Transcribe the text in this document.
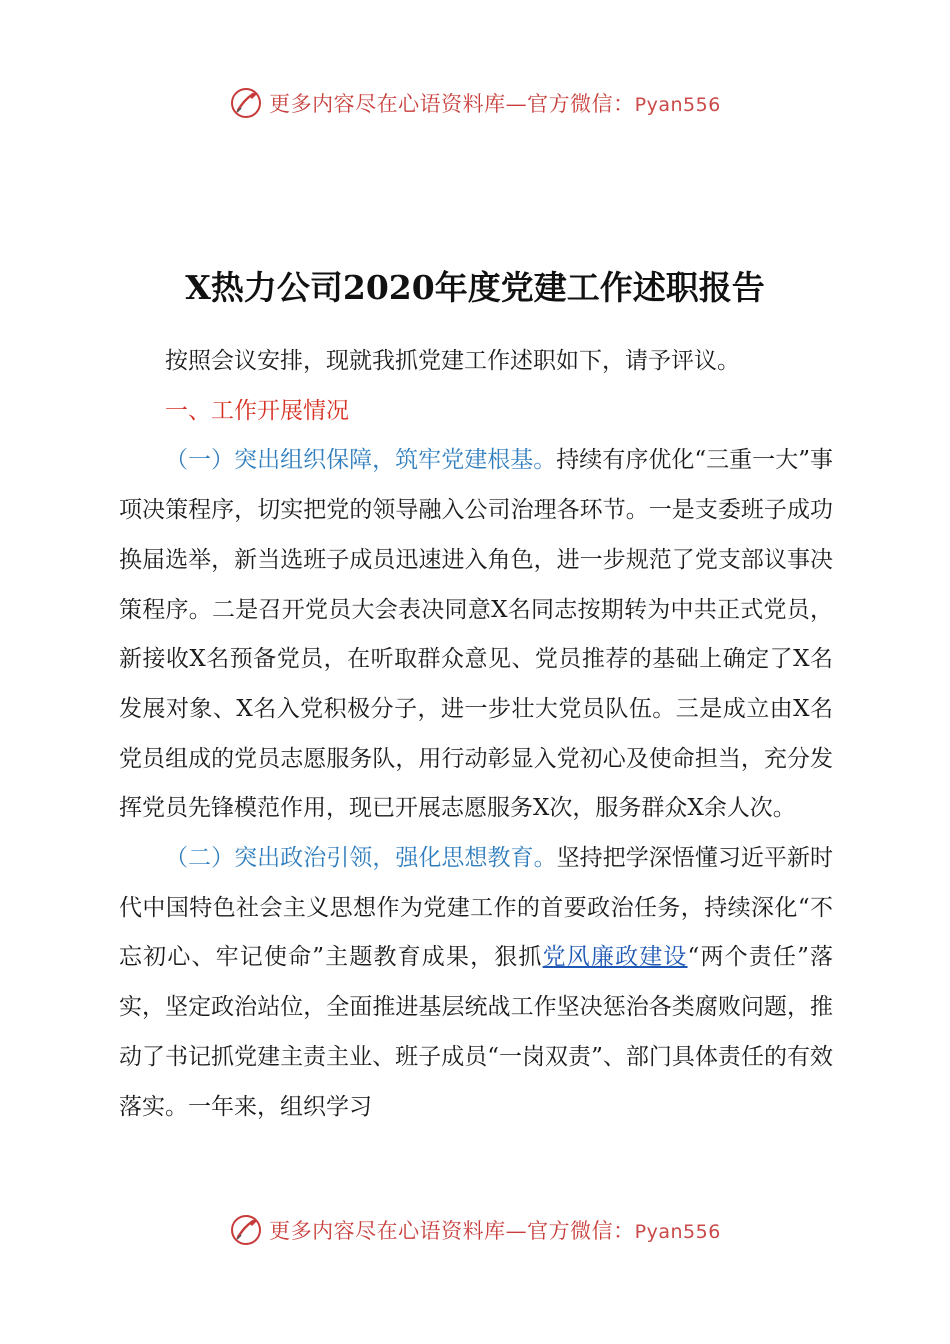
更多内容尽在心语资料库—官方微信：Pyan556
X热力公司2020年度党建工作述职报告

按照会议安排，现就我抓党建工作述职如下，请予评议。

一、工作开展情况

（一）突出组织保障，筑牢党建根基。持续有序优化“三重一大”事项决策程序，切实把党的领导融入公司治理各环节。一是支委班子成功换届选举，新当选班子成员迅速进入角色，进一步规范了党支部议事决策程序。二是召开党员大会表决同意X名同志按期转为中共正式党员，新接收X名预备党员，在听取群众意见、党员推荐的基础上确定了X名发展对象、X名入党积极分子，进一步壮大党员队伍。三是成立由X名党员组成的党员志愿服务队，用行动彰显入党初心及使命担当，充分发挥党员先锋模范作用，现已开展志愿服务X次，服务群众X余人次。

（二）突出政治引领，强化思想教育。坚持把学深悟懂习近平新时代中国特色社会主义思想作为党建工作的首要政治任务，持续深化“不忘初心、牢记使命”主题教育成果，狠抓党风廉政建设“两个责任”落实，坚定政治站位，全面推进基层统战工作坚决惩治各类腐败问题，推动了书记抓党建主责主业、班子成员“一岗双责”、部门具体责任的有效落实。一年来，组织学习

更多内容尽在心语资料库—官方微信：Pyan556
